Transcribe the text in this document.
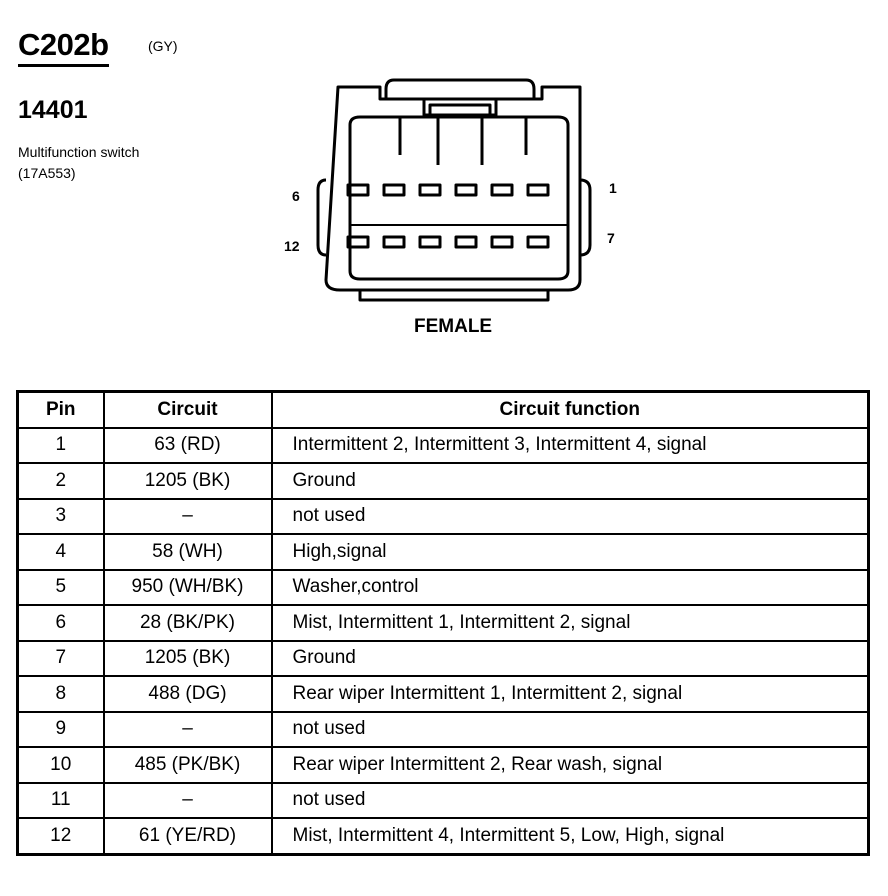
C202b	(GY)
14401
Multifunction switch
(17A553)
6
12
1
7
FEMALE
Pin	Circuit	Circuit function
1	63 (RD)	Intermittent 2, Intermittent 3, Intermittent 4, signal
2	1205 (BK)	Ground
3	–	not used
4	58 (WH)	High,signal
5	950 (WH/BK)	Washer,control
6	28 (BK/PK)	Mist, Intermittent 1, Intermittent 2, signal
7	1205 (BK)	Ground
8	488 (DG)	Rear wiper Intermittent 1, Intermittent 2, signal
9	–	not used
10	485 (PK/BK)	Rear wiper Intermittent 2, Rear wash, signal
11	–	not used
12	61 (YE/RD)	Mist, Intermittent 4, Intermittent 5, Low, High, signal
